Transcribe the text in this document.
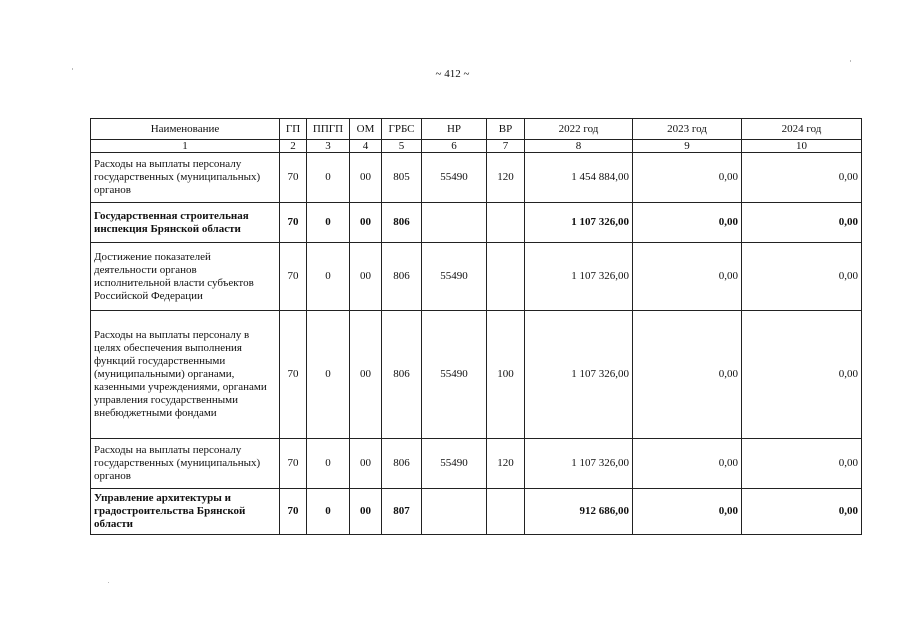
~ 412 ~
Наименование	ГП	ППГП	ОМ	ГРБС	НР	ВР	2022 год	2023 год	2024 год
1	2	3	4	5	6	7	8	9	10
Расходы на выплаты персоналу государственных (муниципальных) органов	70	0	00	805	55490	120	1 454 884,00	0,00	0,00
Государственная строительная инспекция Брянской области	70	0	00	806			1 107 326,00	0,00	0,00
Достижение показателей деятельности органов исполнительной власти субъектов Российской Федерации	70	0	00	806	55490		1 107 326,00	0,00	0,00
Расходы на выплаты персоналу в целях обеспечения выполнения функций государственными (муниципальными) органами, казенными учреждениями, органами управления государственными внебюджетными фондами	70	0	00	806	55490	100	1 107 326,00	0,00	0,00
Расходы на выплаты персоналу государственных (муниципальных) органов	70	0	00	806	55490	120	1 107 326,00	0,00	0,00
Управление архитектуры и градостроительства Брянской области	70	0	00	807			912 686,00	0,00	0,00
